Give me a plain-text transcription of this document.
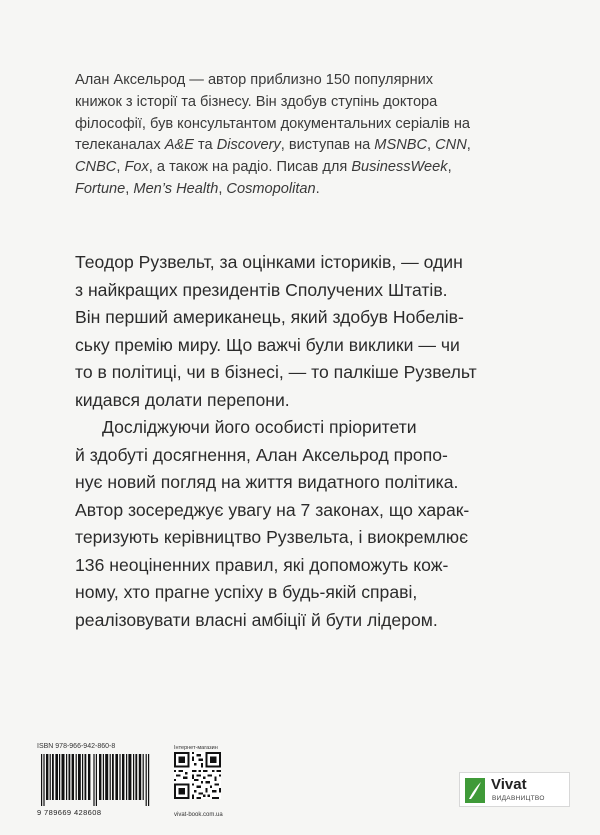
Алан Аксельрод — автор приблизно 150 популярних

книжок з історії та бізнесу. Він здобув ступінь доктора

філософії, був консультантом документальних серіалів на

телеканалах A&E та Discovery, виступав на MSNBC, CNN,

CNBC, Fox, а також на радіо. Писав для BusinessWeek,

Fortune, Men’s Health, Cosmopolitan.

Теодор Рузвельт, за оцінками істориків, — один

з найкращих президентів Сполучених Штатів.

Він перший американець, який здобув Нобелів-

ську премію миру. Що важчі були виклики — чи

то в політиці, чи в бізнесі, — то палкіше Рузвельт

кидався долати перепони.

Досліджуючи його особисті пріоритети

й здобуті досягнення, Алан Аксельрод пропо-

нує новий погляд на життя видатного політика.

Автор зосереджує увагу на 7 законах, що харак-

теризують керівництво Рузвельта, і виокремлює

136 неоціненних правил, які допоможуть кож-

ному, хто прагне успіху в будь-якій справі,

реалізовувати власні амбіції й бути лідером.

ISBN 978-966-942-860-8
9 789669 428608
Інтернет-магазин
vivat-book.com.ua
Vivat
ВИДАВНИЦТВО
